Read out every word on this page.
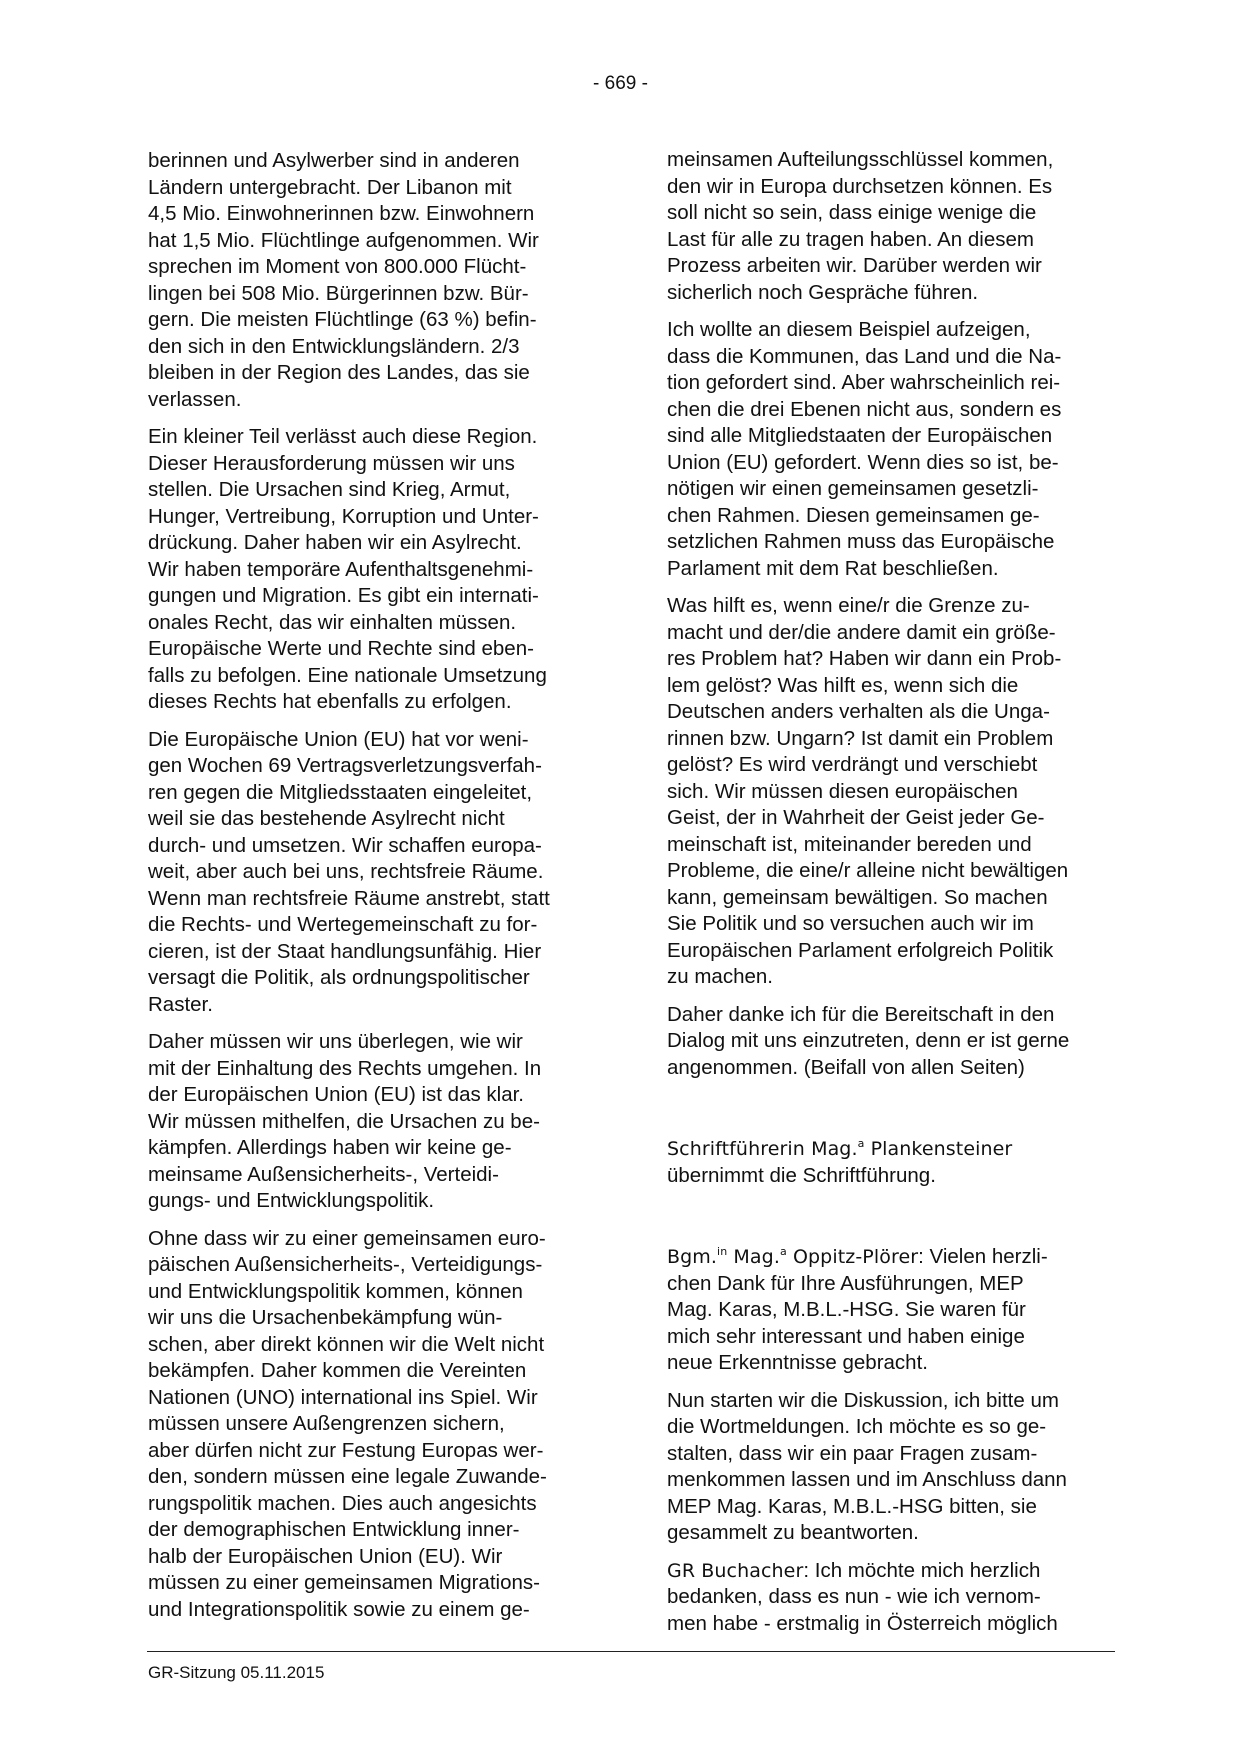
- 669 -

berinnen und Asylwerber sind in anderen
Ländern untergebracht. Der Libanon mit
4,5 Mio. Einwohnerinnen bzw. Einwohnern
hat 1,5 Mio. Flüchtlinge aufgenommen. Wir
sprechen im Moment von 800.000 Flücht-
lingen bei 508 Mio. Bürgerinnen bzw. Bür-
gern. Die meisten Flüchtlinge (63 %) befin-
den sich in den Entwicklungsländern. 2/3
bleiben in der Region des Landes, das sie
verlassen.

Ein kleiner Teil verlässt auch diese Region.
Dieser Herausforderung müssen wir uns
stellen. Die Ursachen sind Krieg, Armut,
Hunger, Vertreibung, Korruption und Unter-
drückung. Daher haben wir ein Asylrecht.
Wir haben temporäre Aufenthaltsgenehmi-
gungen und Migration. Es gibt ein internati-
onales Recht, das wir einhalten müssen.
Europäische Werte und Rechte sind eben-
falls zu befolgen. Eine nationale Umsetzung
dieses Rechts hat ebenfalls zu erfolgen.

Die Europäische Union (EU) hat vor weni-
gen Wochen 69 Vertragsverletzungsverfah-
ren gegen die Mitgliedsstaaten eingeleitet,
weil sie das bestehende Asylrecht nicht
durch- und umsetzen. Wir schaffen europa-
weit, aber auch bei uns, rechtsfreie Räume.
Wenn man rechtsfreie Räume anstrebt, statt
die Rechts- und Wertegemeinschaft zu for-
cieren, ist der Staat handlungsunfähig. Hier
versagt die Politik, als ordnungspolitischer
Raster.

Daher müssen wir uns überlegen, wie wir
mit der Einhaltung des Rechts umgehen. In
der Europäischen Union (EU) ist das klar.
Wir müssen mithelfen, die Ursachen zu be-
kämpfen. Allerdings haben wir keine ge-
meinsame Außensicherheits-, Verteidi-
gungs- und Entwicklungspolitik.

Ohne dass wir zu einer gemeinsamen euro-
päischen Außensicherheits-, Verteidigungs-
und Entwicklungspolitik kommen, können
wir uns die Ursachenbekämpfung wün-
schen, aber direkt können wir die Welt nicht
bekämpfen. Daher kommen die Vereinten
Nationen (UNO) international ins Spiel. Wir
müssen unsere Außengrenzen sichern,
aber dürfen nicht zur Festung Europas wer-
den, sondern müssen eine legale Zuwande-
rungspolitik machen. Dies auch angesichts
der demographischen Entwicklung inner-
halb der Europäischen Union (EU). Wir
müssen zu einer gemeinsamen Migrations-
und Integrationspolitik sowie zu einem ge-

meinsamen Aufteilungsschlüssel kommen,
den wir in Europa durchsetzen können. Es
soll nicht so sein, dass einige wenige die
Last für alle zu tragen haben. An diesem
Prozess arbeiten wir. Darüber werden wir
sicherlich noch Gespräche führen.

Ich wollte an diesem Beispiel aufzeigen,
dass die Kommunen, das Land und die Na-
tion gefordert sind. Aber wahrscheinlich rei-
chen die drei Ebenen nicht aus, sondern es
sind alle Mitgliedstaaten der Europäischen
Union (EU) gefordert. Wenn dies so ist, be-
nötigen wir einen gemeinsamen gesetzli-
chen Rahmen. Diesen gemeinsamen ge-
setzlichen Rahmen muss das Europäische
Parlament mit dem Rat beschließen.

Was hilft es, wenn eine/r die Grenze zu-
macht und der/die andere damit ein größe-
res Problem hat? Haben wir dann ein Prob-
lem gelöst? Was hilft es, wenn sich die
Deutschen anders verhalten als die Unga-
rinnen bzw. Ungarn? Ist damit ein Problem
gelöst? Es wird verdrängt und verschiebt
sich. Wir müssen diesen europäischen
Geist, der in Wahrheit der Geist jeder Ge-
meinschaft ist, miteinander bereden und
Probleme, die eine/r alleine nicht bewältigen
kann, gemeinsam bewältigen. So machen
Sie Politik und so versuchen auch wir im
Europäischen Parlament erfolgreich Politik
zu machen.

Daher danke ich für die Bereitschaft in den
Dialog mit uns einzutreten, denn er ist gerne
angenommen. (Beifall von allen Seiten)

Schriftführerin Mag.$^a$ Plankensteiner
übernimmt die Schriftführung.

Bgm.$^{in}$ Mag.$^a$ Oppitz-Plörer: Vielen herzli-
chen Dank für Ihre Ausführungen, MEP
Mag. Karas, M.B.L.-HSG. Sie waren für
mich sehr interessant und haben einige
neue Erkenntnisse gebracht.

Nun starten wir die Diskussion, ich bitte um
die Wortmeldungen. Ich möchte es so ge-
stalten, dass wir ein paar Fragen zusam-
menkommen lassen und im Anschluss dann
MEP Mag. Karas, M.B.L.-HSG bitten, sie
gesammelt zu beantworten.

GR Buchacher: Ich möchte mich herzlich
bedanken, dass es nun - wie ich vernom-
men habe - erstmalig in Österreich möglich

GR-Sitzung 05.11.2015
